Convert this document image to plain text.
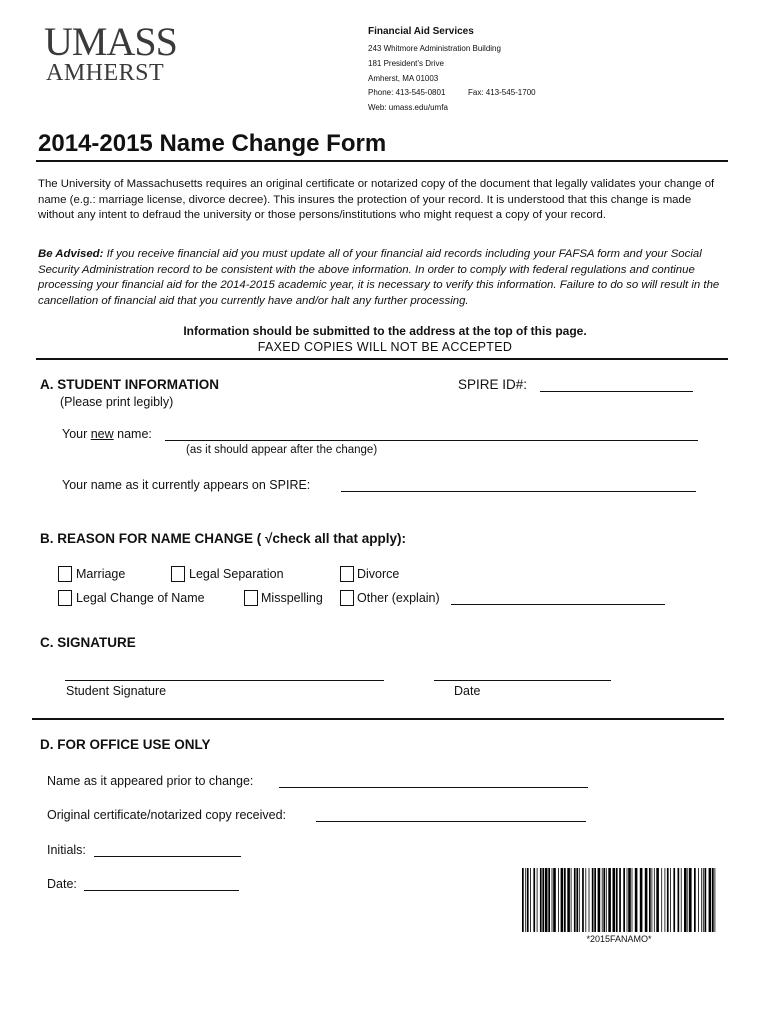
UMASS
AMHERST
Financial Aid Services
243 Whitmore Administration Building
181 President’s Drive
Amherst, MA 01003
Phone: 413-545-0801	Fax: 413-545-1700
Web: umass.edu/umfa
2014-2015 Name Change Form
The University of Massachusetts requires an original certificate or notarized copy of the document that legally validates your change of name (e.g.: marriage license, divorce decree). This insures the protection of your record. It is understood that this change is made without any intent to defraud the university or those persons/institutions who might request a copy of your record.
Be Advised: If you receive financial aid you must update all of your financial aid records including your FAFSA form and your Social Security Administration record to be consistent with the above information. In order to comply with federal regulations and continue processing your financial aid for the 2014-2015 academic year, it is necessary to verify this information. Failure to do so will result in the cancellation of financial aid that you currently have and/or halt any further processing.
Information should be submitted to the address at the top of this page.
FAXED COPIES WILL NOT BE ACCEPTED
A. STUDENT INFORMATION
(Please print legibly)
SPIRE ID#:
Your new name:
(as it should appear after the change)
Your name as it currently appears on SPIRE:
B. REASON FOR NAME CHANGE ( √check all that apply):
Marriage	Legal Separation	Divorce
Legal Change of Name	Misspelling	Other (explain)
C. SIGNATURE
Student Signature	Date
D. FOR OFFICE USE ONLY
Name as it appeared prior to change:
Original certificate/notarized copy received:
Initials:
Date:
*2015FANAMO*
